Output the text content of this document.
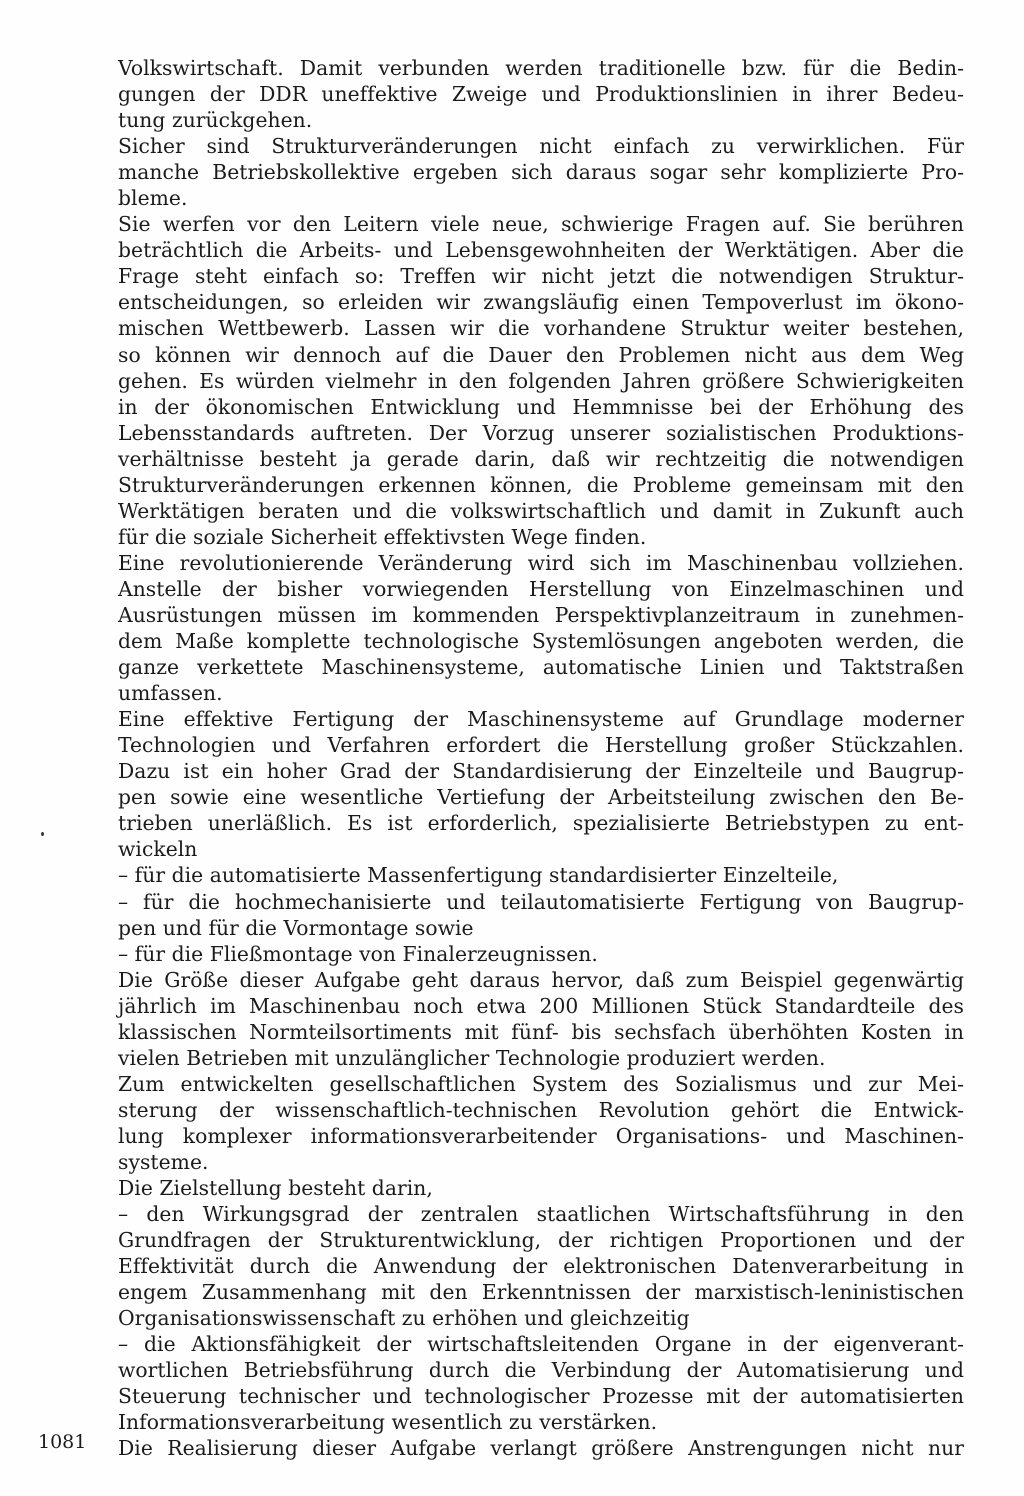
Volkswirtschaft. Damit verbunden werden traditionelle bzw. für die Bedin-
gungen der DDR uneffektive Zweige und Produktionslinien in ihrer Bedeu-
tung zurückgehen.
Sicher sind Strukturveränderungen nicht einfach zu verwirklichen. Für
manche Betriebskollektive ergeben sich daraus sogar sehr komplizierte Pro-
bleme.
Sie werfen vor den Leitern viele neue, schwierige Fragen auf. Sie berühren
beträchtlich die Arbeits- und Lebensgewohnheiten der Werktätigen. Aber die
Frage steht einfach so: Treffen wir nicht jetzt die notwendigen Struktur-
entscheidungen, so erleiden wir zwangsläufig einen Tempoverlust im ökono-
mischen Wettbewerb. Lassen wir die vorhandene Struktur weiter bestehen,
so können wir dennoch auf die Dauer den Problemen nicht aus dem Weg
gehen. Es würden vielmehr in den folgenden Jahren größere Schwierigkeiten
in der ökonomischen Entwicklung und Hemmnisse bei der Erhöhung des
Lebensstandards auftreten. Der Vorzug unserer sozialistischen Produktions-
verhältnisse besteht ja gerade darin, daß wir rechtzeitig die notwendigen
Strukturveränderungen erkennen können, die Probleme gemeinsam mit den
Werktätigen beraten und die volkswirtschaftlich und damit in Zukunft auch
für die soziale Sicherheit effektivsten Wege finden.
Eine revolutionierende Veränderung wird sich im Maschinenbau vollziehen.
Anstelle der bisher vorwiegenden Herstellung von Einzelmaschinen und
Ausrüstungen müssen im kommenden Perspektivplanzeitraum in zunehmen-
dem Maße komplette technologische Systemlösungen angeboten werden, die
ganze verkettete Maschinensysteme, automatische Linien und Taktstraßen
umfassen.
Eine effektive Fertigung der Maschinensysteme auf Grundlage moderner
Technologien und Verfahren erfordert die Herstellung großer Stückzahlen.
Dazu ist ein hoher Grad der Standardisierung der Einzelteile und Baugrup-
pen sowie eine wesentliche Vertiefung der Arbeitsteilung zwischen den Be-
trieben unerläßlich. Es ist erforderlich, spezialisierte Betriebstypen zu ent-
wickeln
– für die automatisierte Massenfertigung standardisierter Einzelteile,
– für die hochmechanisierte und teilautomatisierte Fertigung von Baugrup-
pen und für die Vormontage sowie
– für die Fließmontage von Finalerzeugnissen.
Die Größe dieser Aufgabe geht daraus hervor, daß zum Beispiel gegenwärtig
jährlich im Maschinenbau noch etwa 200 Millionen Stück Standardteile des
klassischen Normteilsortiments mit fünf- bis sechsfach überhöhten Kosten in
vielen Betrieben mit unzulänglicher Technologie produziert werden.
Zum entwickelten gesellschaftlichen System des Sozialismus und zur Mei-
sterung der wissenschaftlich-technischen Revolution gehört die Entwick-
lung komplexer informationsverarbeitender Organisations- und Maschinen-
systeme.
Die Zielstellung besteht darin,
– den Wirkungsgrad der zentralen staatlichen Wirtschaftsführung in den
Grundfragen der Strukturentwicklung, der richtigen Proportionen und der
Effektivität durch die Anwendung der elektronischen Datenverarbeitung in
engem Zusammenhang mit den Erkenntnissen der marxistisch-leninistischen
Organisationswissenschaft zu erhöhen und gleichzeitig
– die Aktionsfähigkeit der wirtschaftsleitenden Organe in der eigenverant-
wortlichen Betriebsführung durch die Verbindung der Automatisierung und
Steuerung technischer und technologischer Prozesse mit der automatisierten
Informationsverarbeitung wesentlich zu verstärken.
Die Realisierung dieser Aufgabe verlangt größere Anstrengungen nicht nur
1081
